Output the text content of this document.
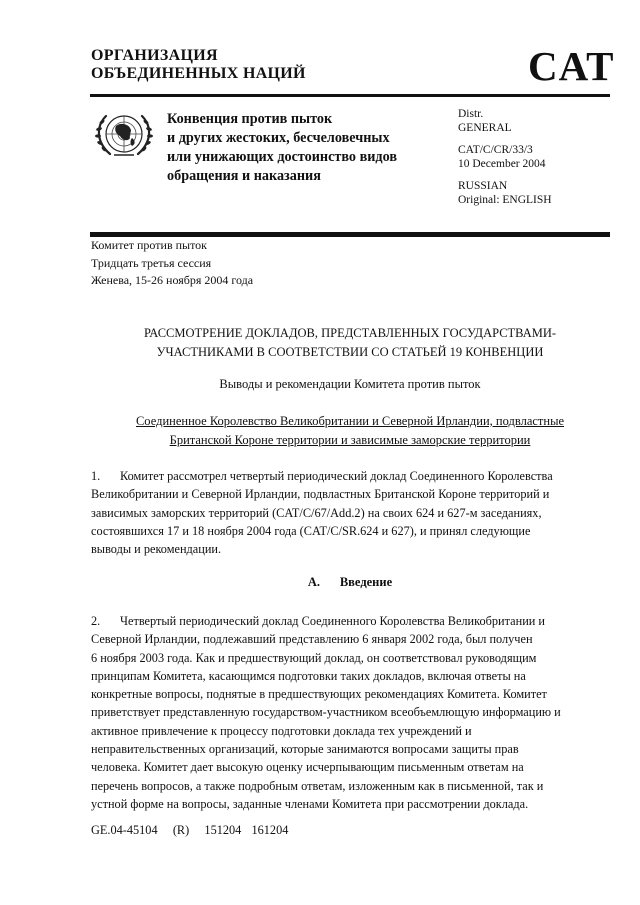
ОРГАНИЗАЦИЯ
ОБЪЕДИНЕННЫХ НАЦИЙ	CAT
Конвенция против пыток
и других жестоких, бесчеловечных
или унижающих достоинство видов
обращения и наказания
Distr.
GENERAL
CAT/C/CR/33/3
10 December 2004
RUSSIAN
Original: ENGLISH
Комитет против пыток
Тридцать третья сессия
Женева, 15-26 ноября 2004 года
РАССМОТРЕНИЕ ДОКЛАДОВ, ПРЕДСТАВЛЕННЫХ ГОСУДАРСТВАМИ-
УЧАСТНИКАМИ В СООТВЕТСТВИИ СО СТАТЬЕЙ 19 КОНВЕНЦИИ
Выводы и рекомендации Комитета против пыток
Соединенное Королевство Великобритании и Северной Ирландии, подвластные
Британской Короне территории и зависимые заморские территории
1. Комитет рассмотрел четвертый периодический доклад Соединенного Королевства
Великобритании и Северной Ирландии, подвластных Британской Короне территорий и
зависимых заморских территорий (CAT/C/67/Add.2) на своих 624 и 627-м заседаниях,
состоявшихся 17 и 18 ноября 2004 года (CAT/C/SR.624 и 627), и принял следующие
выводы и рекомендации.
A. Введение
2. Четвертый периодический доклад Соединенного Королевства Великобритании и
Северной Ирландии, подлежавший представлению 6 января 2002 года, был получен
6 ноября 2003 года. Как и предшествующий доклад, он соответствовал руководящим
принципам Комитета, касающимся подготовки таких докладов, включая ответы на
конкретные вопросы, поднятые в предшествующих рекомендациях Комитета. Комитет
приветствует представленную государством-участником всеобъемлющую информацию и
активное привлечение к процессу подготовки доклада тех учреждений и
неправительственных организаций, которые занимаются вопросами защиты прав
человека. Комитет дает высокую оценку исчерпывающим письменным ответам на
перечень вопросов, а также подробным ответам, изложенным как в письменной, так и
устной форме на вопросы, заданные членами Комитета при рассмотрении доклада.
GE.04-45104   (R)   151204  161204
